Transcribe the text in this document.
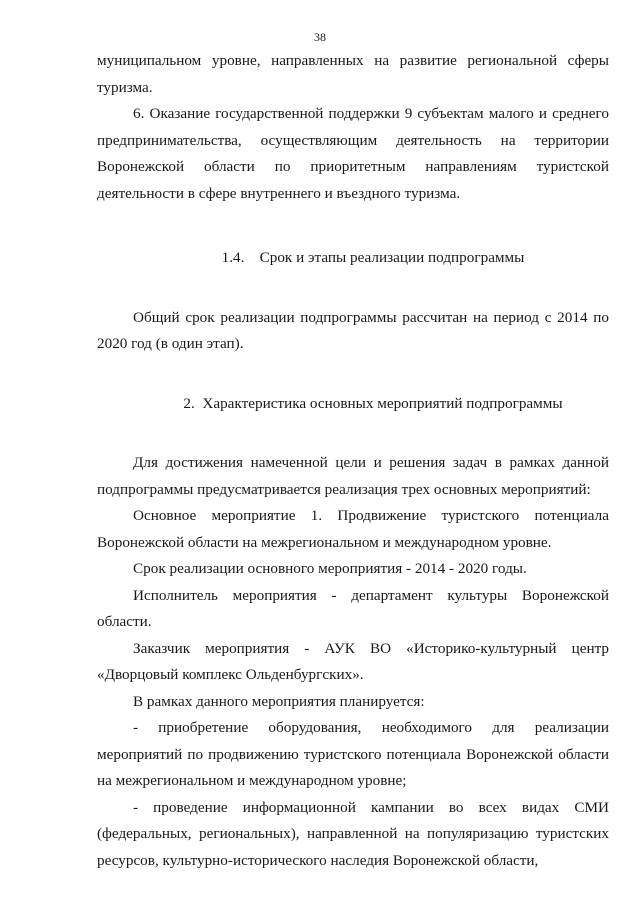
38

муниципальном уровне, направленных на развитие региональной сферы туризма.

6. Оказание государственной поддержки 9 субъектам малого и среднего предпринимательства, осуществляющим деятельность на территории Воронежской области по приоритетным направлениям туристской деятельности в сфере внутреннего и въездного туризма.

1.4. Срок и этапы реализации подпрограммы

Общий срок реализации подпрограммы рассчитан на период с 2014 по 2020 год (в один этап).

2. Характеристика основных мероприятий подпрограммы

Для достижения намеченной цели и решения задач в рамках данной подпрограммы предусматривается реализация трех основных мероприятий:

Основное мероприятие 1. Продвижение туристского потенциала Воронежской области на межрегиональном и международном уровне.

Срок реализации основного мероприятия - 2014 - 2020 годы.

Исполнитель мероприятия - департамент культуры Воронежской области.

Заказчик мероприятия - АУК ВО «Историко-культурный центр «Дворцовый комплекс Ольденбургских».

В рамках данного мероприятия планируется:

- приобретение оборудования, необходимого для реализации мероприятий по продвижению туристского потенциала Воронежской области на межрегиональном и международном уровне;

- проведение информационной кампании во всех видах СМИ (федеральных, региональных), направленной на популяризацию туристских ресурсов, культурно-исторического наследия Воронежской области,
